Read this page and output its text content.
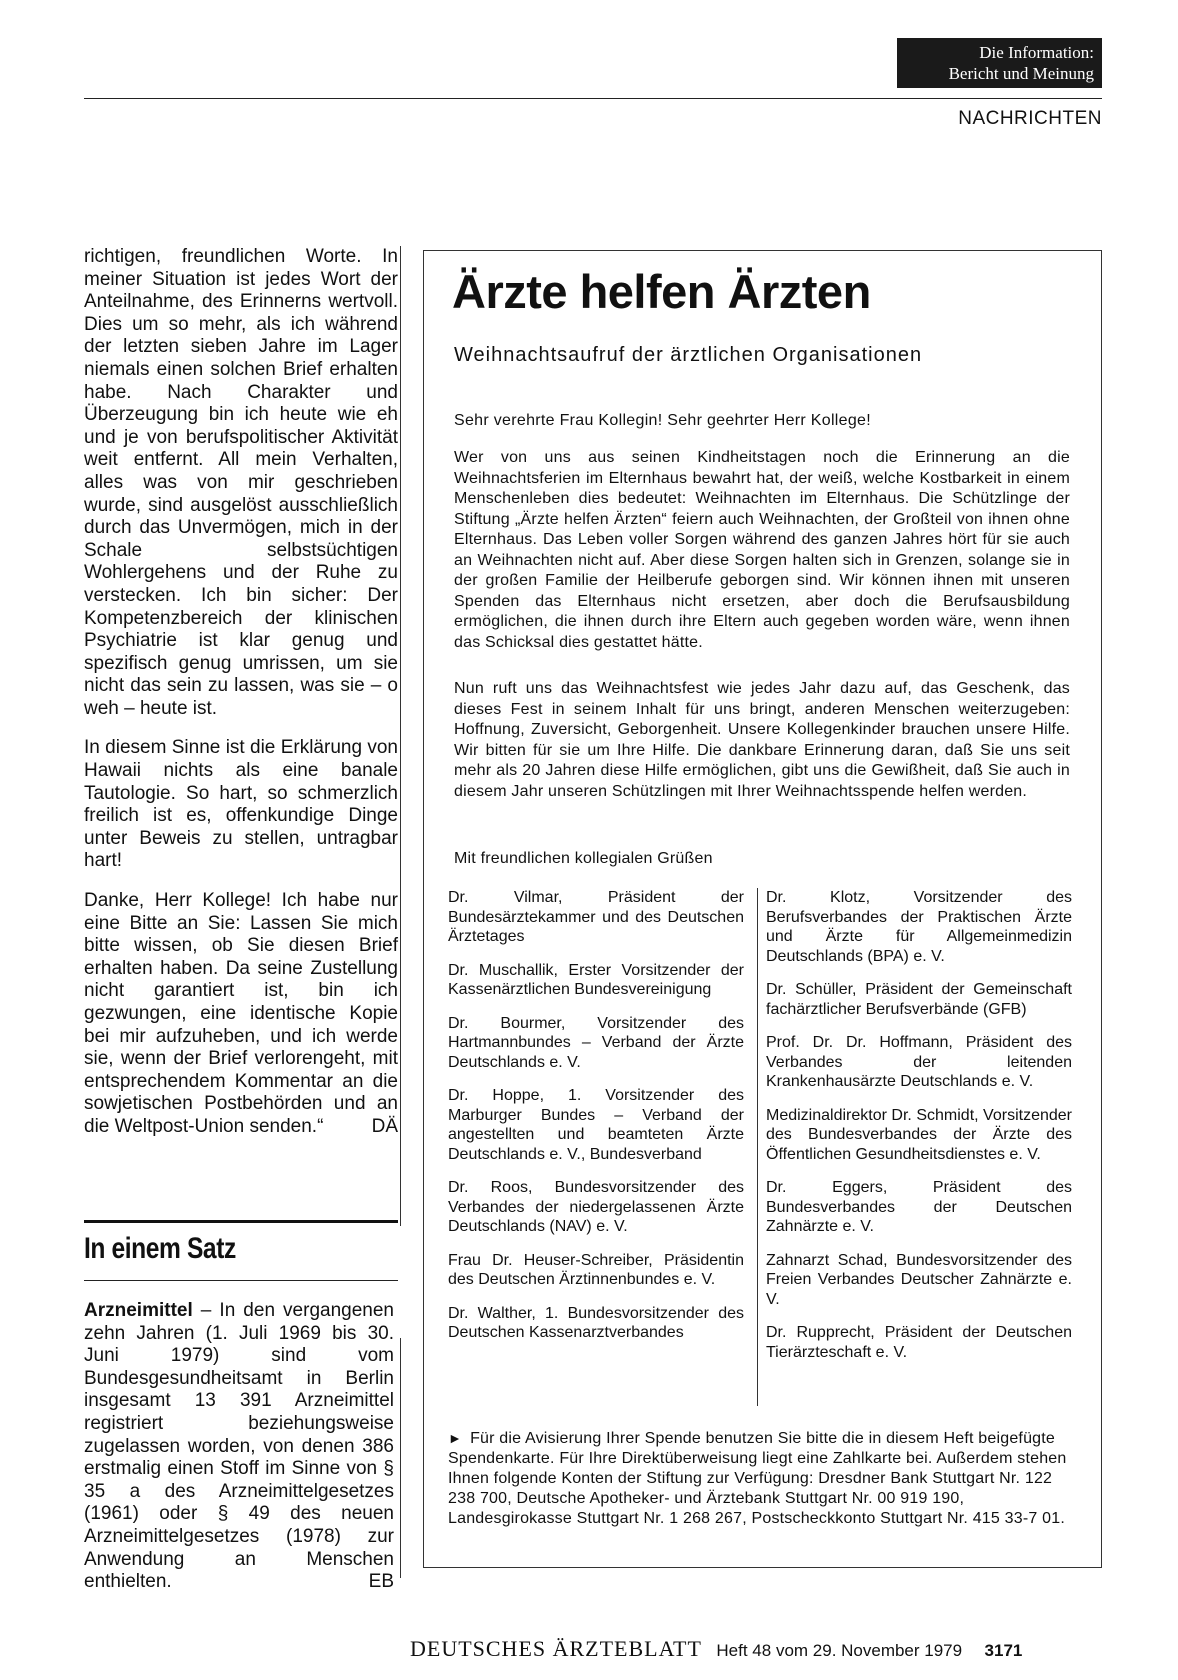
Die Information:
Bericht und Meinung
NACHRICHTEN

richtigen, freundlichen Worte. In meiner Situation ist jedes Wort der Anteilnahme, des Erinnerns wertvoll. Dies um so mehr, als ich während der letzten sieben Jahre im Lager niemals einen solchen Brief erhalten habe. Nach Charakter und Überzeugung bin ich heute wie eh und je von berufspolitischer Aktivität weit entfernt. All mein Verhalten, alles was von mir geschrieben wurde, sind ausgelöst ausschließlich durch das Unvermögen, mich in der Schale selbstsüchtigen Wohlergehens und der Ruhe zu verstecken. Ich bin sicher: Der Kompetenzbereich der klinischen Psychiatrie ist klar genug und spezifisch genug umrissen, um sie nicht das sein zu lassen, was sie – o weh – heute ist.

In diesem Sinne ist die Erklärung von Hawaii nichts als eine banale Tautologie. So hart, so schmerzlich freilich ist es, offenkundige Dinge unter Beweis zu stellen, untragbar hart!

Danke, Herr Kollege! Ich habe nur eine Bitte an Sie: Lassen Sie mich bitte wissen, ob Sie diesen Brief erhalten haben. Da seine Zustellung nicht garantiert ist, bin ich gezwungen, eine identische Kopie bei mir aufzuheben, und ich werde sie, wenn der Brief verlorengeht, mit entsprechendem Kommentar an die sowjetischen Postbehörden und an die Weltpost-Union senden.“	DÄ

In einem Satz
Arzneimittel – In den vergangenen zehn Jahren (1. Juli 1969 bis 30. Juni 1979) sind vom Bundesgesundheitsamt in Berlin insgesamt 13 391 Arzneimittel registriert beziehungsweise zugelassen worden, von denen 386 erstmalig einen Stoff im Sinne von § 35 a des Arzneimittelgesetzes (1961) oder § 49 des neuen Arzneimittelgesetzes (1978) zur Anwendung an Menschen enthielten.	EB
Ärzte helfen Ärzten
Weihnachtsaufruf der ärztlichen Organisationen
Sehr verehrte Frau Kollegin! Sehr geehrter Herr Kollege!
Wer von uns aus seinen Kindheitstagen noch die Erinnerung an die Weihnachtsferien im Elternhaus bewahrt hat, der weiß, welche Kostbarkeit in einem Menschenleben dies bedeutet: Weihnachten im Elternhaus. Die Schützlinge der Stiftung „Ärzte helfen Ärzten“ feiern auch Weihnachten, der Großteil von ihnen ohne Elternhaus. Das Leben voller Sorgen während des ganzen Jahres hört für sie auch an Weihnachten nicht auf. Aber diese Sorgen halten sich in Grenzen, solange sie in der großen Familie der Heilberufe geborgen sind. Wir können ihnen mit unseren Spenden das Elternhaus nicht ersetzen, aber doch die Berufsausbildung ermöglichen, die ihnen durch ihre Eltern auch gegeben worden wäre, wenn ihnen das Schicksal dies gestattet hätte.
Nun ruft uns das Weihnachtsfest wie jedes Jahr dazu auf, das Geschenk, das dieses Fest in seinem Inhalt für uns bringt, anderen Menschen weiterzugeben: Hoffnung, Zuversicht, Geborgenheit. Unsere Kollegenkinder brauchen unsere Hilfe. Wir bitten für sie um Ihre Hilfe. Die dankbare Erinnerung daran, daß Sie uns seit mehr als 20 Jahren diese Hilfe ermöglichen, gibt uns die Gewißheit, daß Sie auch in diesem Jahr unseren Schützlingen mit Ihrer Weihnachtsspende helfen werden.
Mit freundlichen kollegialen Grüßen
Dr. Vilmar, Präsident der Bundesärztekammer und des Deutschen Ärztetages
Dr. Muschallik, Erster Vorsitzender der Kassenärztlichen Bundesvereinigung
Dr. Bourmer, Vorsitzender des Hartmannbundes – Verband der Ärzte Deutschlands e. V.
Dr. Hoppe, 1. Vorsitzender des Marburger Bundes – Verband der angestellten und beamteten Ärzte Deutschlands e. V., Bundesverband
Dr. Roos, Bundesvorsitzender des Verbandes der niedergelassenen Ärzte Deutschlands (NAV) e. V.
Frau Dr. Heuser-Schreiber, Präsidentin des Deutschen Ärztinnenbundes e. V.
Dr. Walther, 1. Bundesvorsitzender des Deutschen Kassenarztverbandes
Dr. Klotz, Vorsitzender des Berufsverbandes der Praktischen Ärzte und Ärzte für Allgemeinmedizin Deutschlands (BPA) e. V.
Dr. Schüller, Präsident der Gemeinschaft fachärztlicher Berufsverbände (GFB)
Prof. Dr. Dr. Hoffmann, Präsident des Verbandes der leitenden Krankenhausärzte Deutschlands e. V.
Medizinaldirektor Dr. Schmidt, Vorsitzender des Bundesverbandes der Ärzte des Öffentlichen Gesundheitsdienstes e. V.
Dr. Eggers, Präsident des Bundesverbandes der Deutschen Zahnärzte e. V.
Zahnarzt Schad, Bundesvorsitzender des Freien Verbandes Deutscher Zahnärzte e. V.
Dr. Rupprecht, Präsident der Deutschen Tierärzteschaft e. V.
► Für die Avisierung Ihrer Spende benutzen Sie bitte die in diesem Heft beigefügte Spendenkarte. Für Ihre Direktüberweisung liegt eine Zahlkarte bei. Außerdem stehen Ihnen folgende Konten der Stiftung zur Verfügung: Dresdner Bank Stuttgart Nr. 122 238 700, Deutsche Apotheker- und Ärztebank Stuttgart Nr. 00 919 190, Landesgirokasse Stuttgart Nr. 1 268 267, Postscheckkonto Stuttgart Nr. 415 33-7 01.
DEUTSCHES ÄRZTEBLATT Heft 48 vom 29. November 1979 3171
